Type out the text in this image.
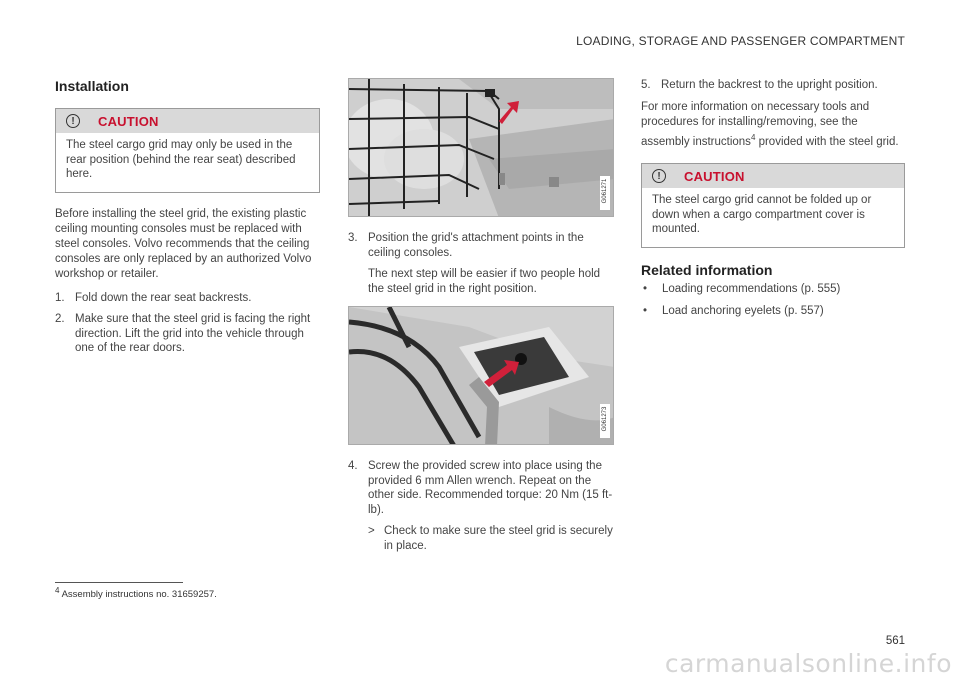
LOADING, STORAGE AND PASSENGER COMPARTMENT
Installation
!	CAUTION
The steel cargo grid may only be used in the rear position (behind the rear seat) described here.

Before installing the steel grid, the existing plastic ceiling mounting consoles must be replaced with steel consoles. Volvo recommends that the ceiling consoles are only replaced by an authorized Volvo workshop or retailer.

1. Fold down the rear seat backrests.
2. Make sure that the steel grid is facing the right direction. Lift the grid into the vehicle through one of the rear doors.
G061271
3. Position the grid's attachment points in the ceiling consoles.
The next step will be easier if two people hold the steel grid in the right position.
G061273
4. Screw the provided screw into place using the provided 6 mm Allen wrench. Repeat on the other side. Recommended torque: 20 Nm (15 ft-lb).
> Check to make sure the steel grid is securely in place.
5. Return the backrest to the upright position.

For more information on necessary tools and procedures for installing/removing, see the assembly instructions$^4$ provided with the steel grid.

!	CAUTION
The steel cargo grid cannot be folded up or down when a cargo compartment cover is mounted.
Related information
•	Loading recommendations (p. 555)
•	Load anchoring eyelets (p. 557)
$^4$ Assembly instructions no. 31659257.
561
carmanualsonline.info
